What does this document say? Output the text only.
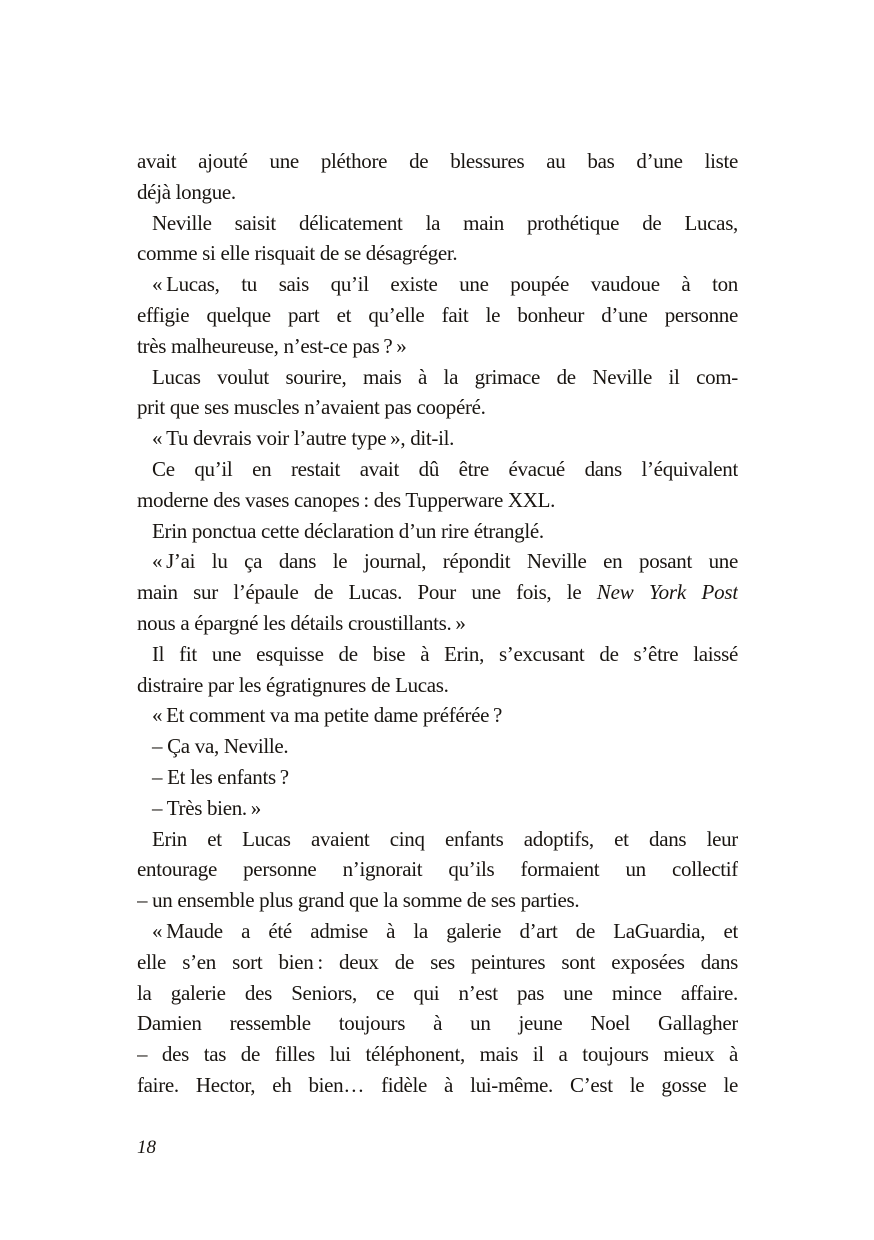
avait ajouté une pléthore de blessures au bas d’une liste
déjà longue.
Neville saisit délicatement la main prothétique de Lucas,
comme si elle risquait de se désagréger.
« Lucas, tu sais qu’il existe une poupée vaudoue à ton
effigie quelque part et qu’elle fait le bonheur d’une personne
très malheureuse, n’est-ce pas ? »
Lucas voulut sourire, mais à la grimace de Neville il com-
prit que ses muscles n’avaient pas coopéré.
« Tu devrais voir l’autre type », dit-il.
Ce qu’il en restait avait dû être évacué dans l’équivalent
moderne des vases canopes : des Tupperware XXL.
Erin ponctua cette déclaration d’un rire étranglé.
« J’ai lu ça dans le journal, répondit Neville en posant une
main sur l’épaule de Lucas. Pour une fois, le New York Post
nous a épargné les détails croustillants. »
Il fit une esquisse de bise à Erin, s’excusant de s’être laissé
distraire par les égratignures de Lucas.
« Et comment va ma petite dame préférée ?
– Ça va, Neville.
– Et les enfants ?
– Très bien. »
Erin et Lucas avaient cinq enfants adoptifs, et dans leur
entourage personne n’ignorait qu’ils formaient un collectif
– un ensemble plus grand que la somme de ses parties.
« Maude a été admise à la galerie d’art de LaGuardia, et
elle s’en sort bien : deux de ses peintures sont exposées dans
la galerie des Seniors, ce qui n’est pas une mince affaire.
Damien ressemble toujours à un jeune Noel Gallagher
– des tas de filles lui téléphonent, mais il a toujours mieux à
faire. Hector, eh bien… fidèle à lui-même. C’est le gosse le
18
